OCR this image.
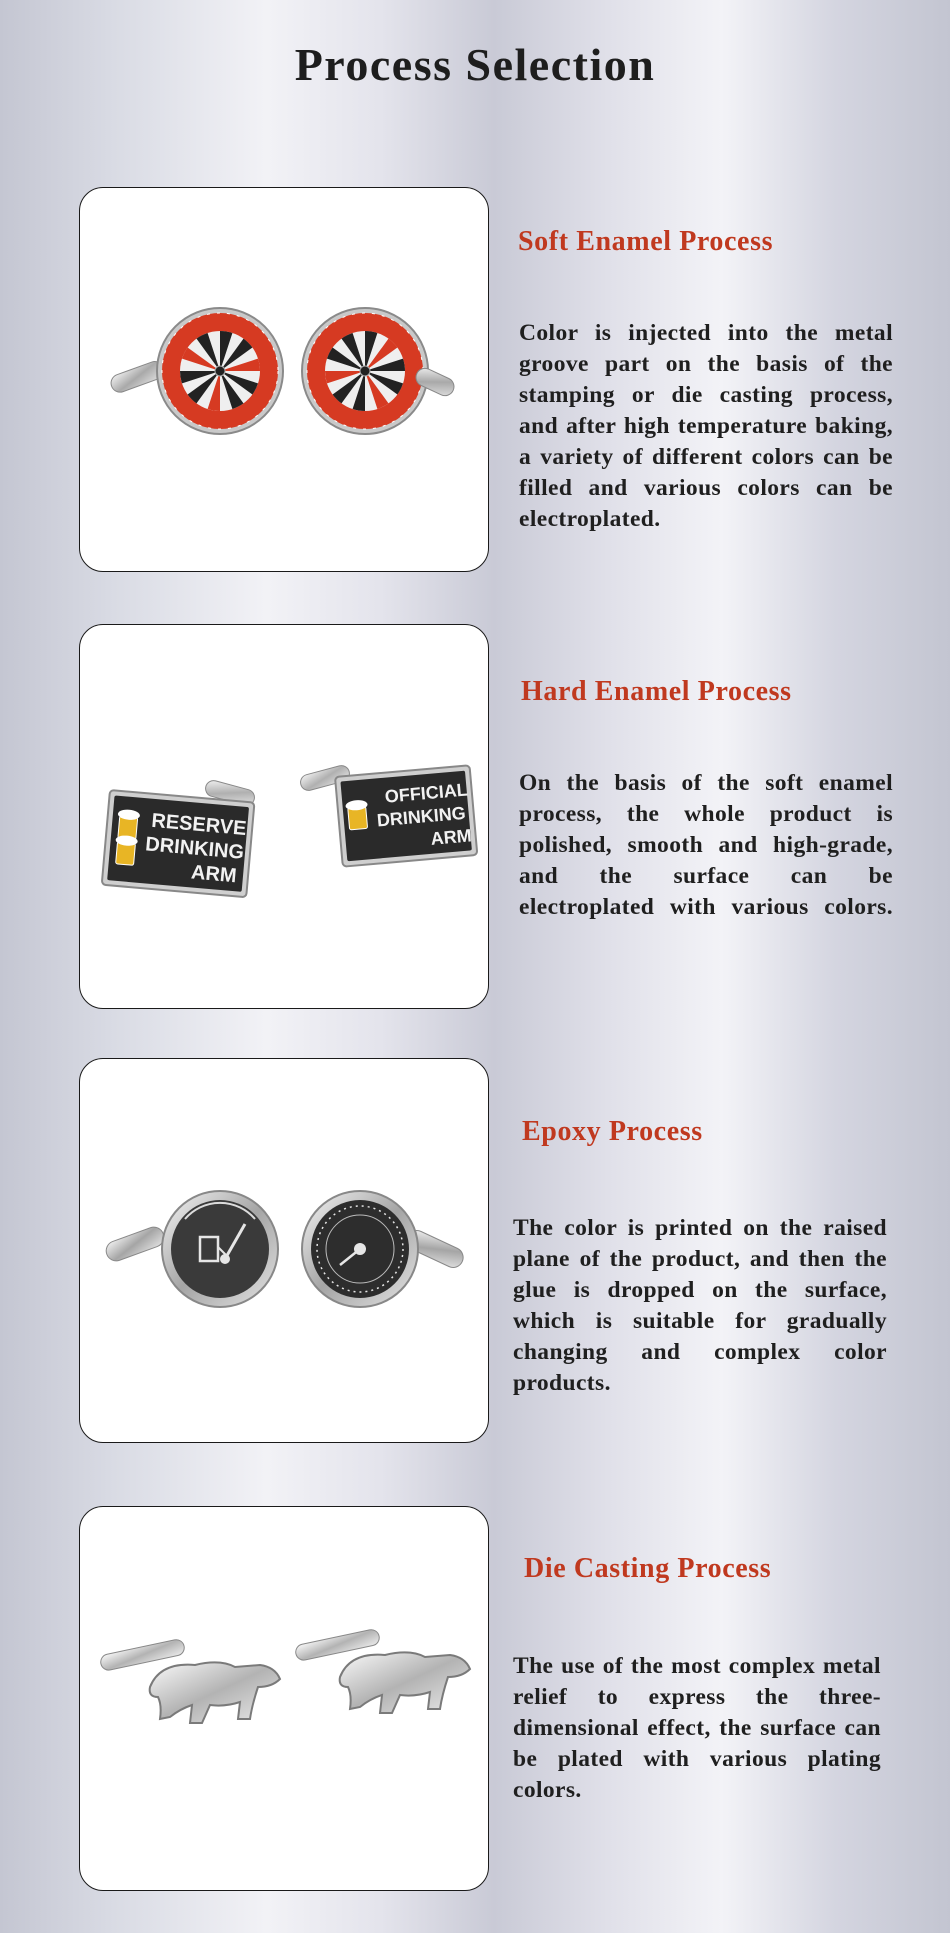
Process Selection
Soft Enamel Process

Color is injected into the metal groove part on the basis of the stamping or die casting process, and after high temperature baking, a variety of different colors can be filled and various colors can be electroplated.

RESERVE
DRINKING
ARM
OFFICIAL
DRINKING
ARM
Hard Enamel Process

On the basis of the soft enamel process, the whole product is polished, smooth and high-grade, and the surface can be electroplated with various colors.

Epoxy Process

The color is printed on the raised plane of the product, and then the glue is dropped on the surface, which is suitable for gradually changing and complex color products.

Die Casting Process

The use of the most complex metal relief to express the three-dimensional effect, the surface can be plated with various plating colors.
